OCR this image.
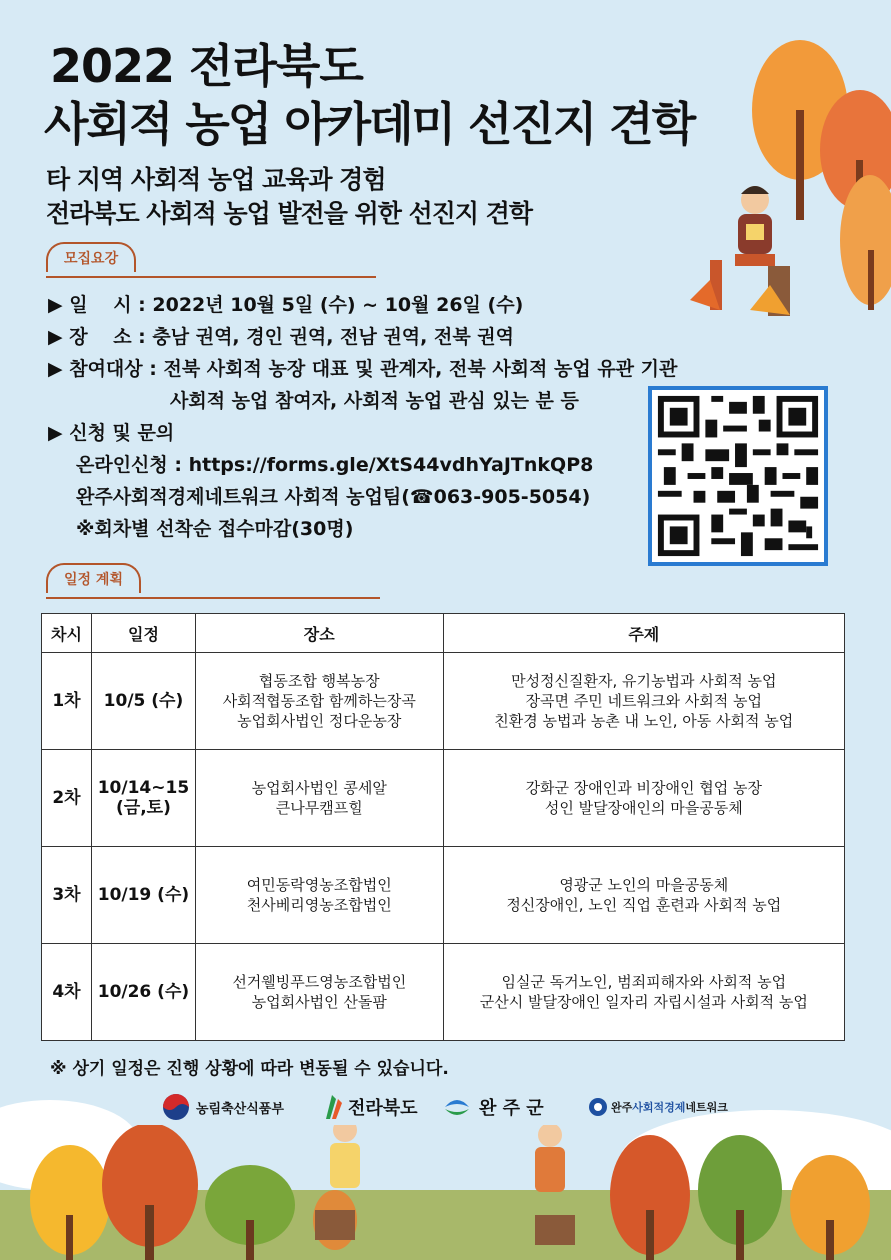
2022 전라북도
사회적 농업 아카데미 선진지 견학
타 지역 사회적 농업 교육과 경험
전라북도 사회적 농업 발전을 위한 선진지 견학
모집요강
▶ 일　 시 : 2022년 10월 5일 (수) ~ 10월 26일 (수)
▶ 장　 소 : 충남 권역, 경인 권역, 전남 권역, 전북 권역
▶ 참여대상 : 전북 사회적 농장 대표 및 관계자, 전북 사회적 농업 유관 기관
사회적 농업 참여자, 사회적 농업 관심 있는 분 등
▶ 신청 및 문의
온라인신청 : https://forms.gle/XtS44vdhYaJTnkQP8
완주사회적경제네트워크 사회적 농업팀(☎063-905-5054)
※회차별 선착순 접수마감(30명)
일정 계획
차시	일정	장소	주제
1차	10/5 (수)	협동조합 행복농장
사회적협동조합 함께하는장곡
농업회사법인 정다운농장	만성정신질환자, 유기농법과 사회적 농업
장곡면 주민 네트워크와 사회적 농업
친환경 농법과 농촌 내 노인, 아동 사회적 농업
2차	10/14~15
(금,토)	농업회사법인 콩세알
큰나무캠프힐	강화군 장애인과 비장애인 협업 농장
성인 발달장애인의 마을공동체
3차	10/19 (수)	여민동락영농조합법인
천사베리영농조합법인	영광군 노인의 마을공동체
정신장애인, 노인 직업 훈련과 사회적 농업
4차	10/26 (수)	선거웰빙푸드영농조합법인
농업회사법인 산돌팜	임실군 독거노인, 범죄피해자와 사회적 농업
군산시 발달장애인 일자리 자립시설과 사회적 농업
※ 상기 일정은 진행 상황에 따라 변동될 수 있습니다.
농림축산식품부	전라북도	완 주 군	완주 사회적경제 네트워크
